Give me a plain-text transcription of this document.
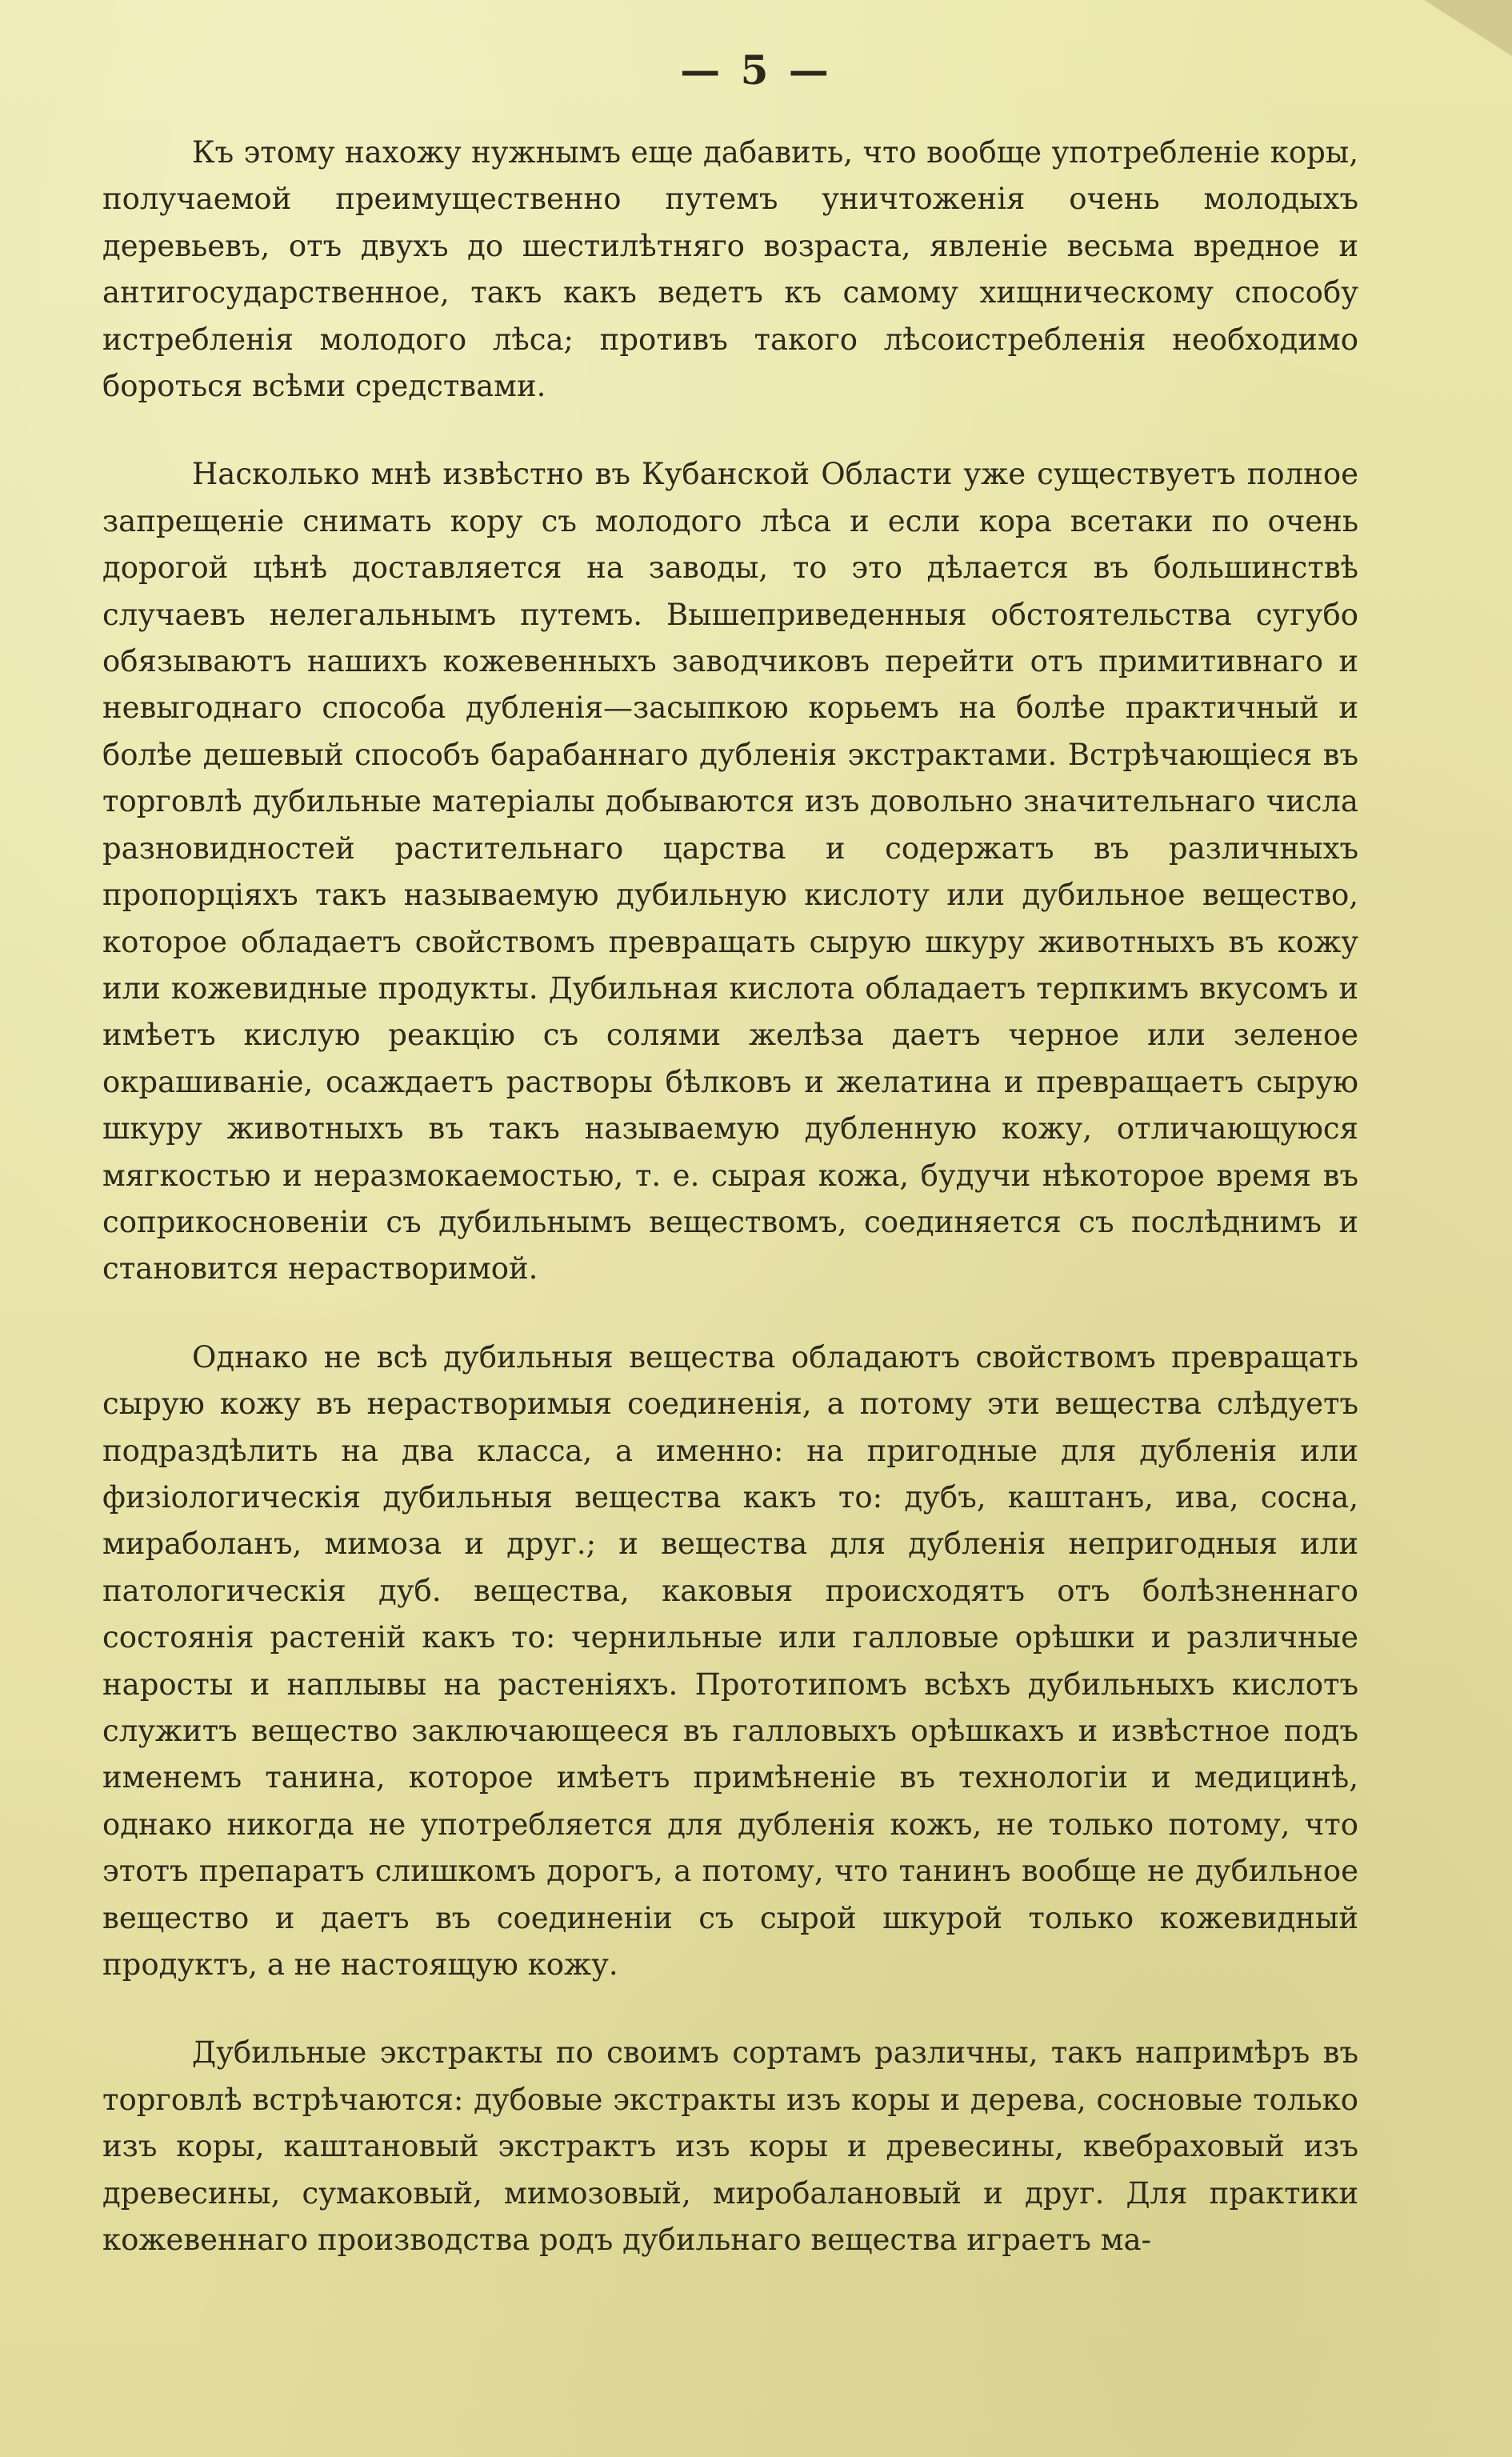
— 5 —

Къ этому нахожу нужнымъ еще дабавить, что вообще употребленіе коры, получаемой преимущественно путемъ уничтоженія очень молодыхъ деревьевъ, отъ двухъ до шестилѣтняго возраста, явленіе весьма вредное и антигосударственное, такъ какъ ведетъ къ самому хищническому способу истребленія молодого лѣса; противъ такого лѣсоистребленія необходимо бороться всѣми средствами.

Насколько мнѣ извѣстно въ Кубанской Области уже существуетъ полное запрещеніе снимать кору съ молодого лѣса и если кора всетаки по очень дорогой цѣнѣ доставляется на заводы, то это дѣлается въ большинствѣ случаевъ нелегальнымъ путемъ. Вышеприведенныя обстоятельства сугубо обязываютъ нашихъ кожевенныхъ заводчиковъ перейти отъ примитивнаго и невыгоднаго способа дубленія—засыпкою корьемъ на болѣе практичный и болѣе дешевый способъ барабаннаго дубленія экстрактами. Встрѣчающіеся въ торговлѣ дубильные матеріалы добываются изъ довольно значительнаго числа разновидностей растительнаго царства и содержатъ въ различныхъ пропорціяхъ такъ называемую дубильную кислоту или дубильное вещество, которое обладаетъ свойствомъ превращать сырую шкуру животныхъ въ кожу или кожевидные продукты. Дубильная кислота обладаетъ терпкимъ вкусомъ и имѣетъ кислую реакцію съ солями желѣза даетъ черное или зеленое окрашиваніе, осаждаетъ растворы бѣлковъ и желатина и превращаетъ сырую шкуру животныхъ въ такъ называемую дубленную кожу, отличающуюся мягкостью и неразмокаемостью, т. е. сырая кожа, будучи нѣкоторое время въ соприкосновеніи съ дубильнымъ веществомъ, соединяется съ послѣднимъ и становится нерастворимой.

Однако не всѣ дубильныя вещества обладаютъ свойствомъ превращать сырую кожу въ нерастворимыя соединенія, а потому эти вещества слѣдуетъ подраздѣлить на два класса, а именно: на пригодные для дубленія или физіологическія дубильныя вещества какъ то: дубъ, каштанъ, ива, сосна, мираболанъ, мимоза и друг.; и вещества для дубленія непригодныя или патологическія дуб. вещества, каковыя происходятъ отъ болѣзненнаго состоянія растеній какъ то: чернильные или галловые орѣшки и различные наросты и наплывы на растеніяхъ. Прототипомъ всѣхъ дубильныхъ кислотъ служитъ вещество заключающееся въ галловыхъ орѣшкахъ и извѣстное подъ именемъ танина, которое имѣетъ примѣненіе въ технологіи и медицинѣ, однако никогда не употребляется для дубленія кожъ, не только потому, что этотъ препаратъ слишкомъ дорогъ, а потому, что танинъ вообще не дубильное вещество и даетъ въ соединеніи съ сырой шкурой только кожевидный продуктъ, а не настоящую кожу.

Дубильные экстракты по своимъ сортамъ различны, такъ напримѣръ въ торговлѣ встрѣчаются: дубовые экстракты изъ коры и дерева, сосновые только изъ коры, каштановый экстрактъ изъ коры и древесины, квебраховый изъ древесины, сумаковый, мимозовый, миробалановый и друг. Для практики кожевеннаго производства родъ дубильнаго вещества играетъ ма-
